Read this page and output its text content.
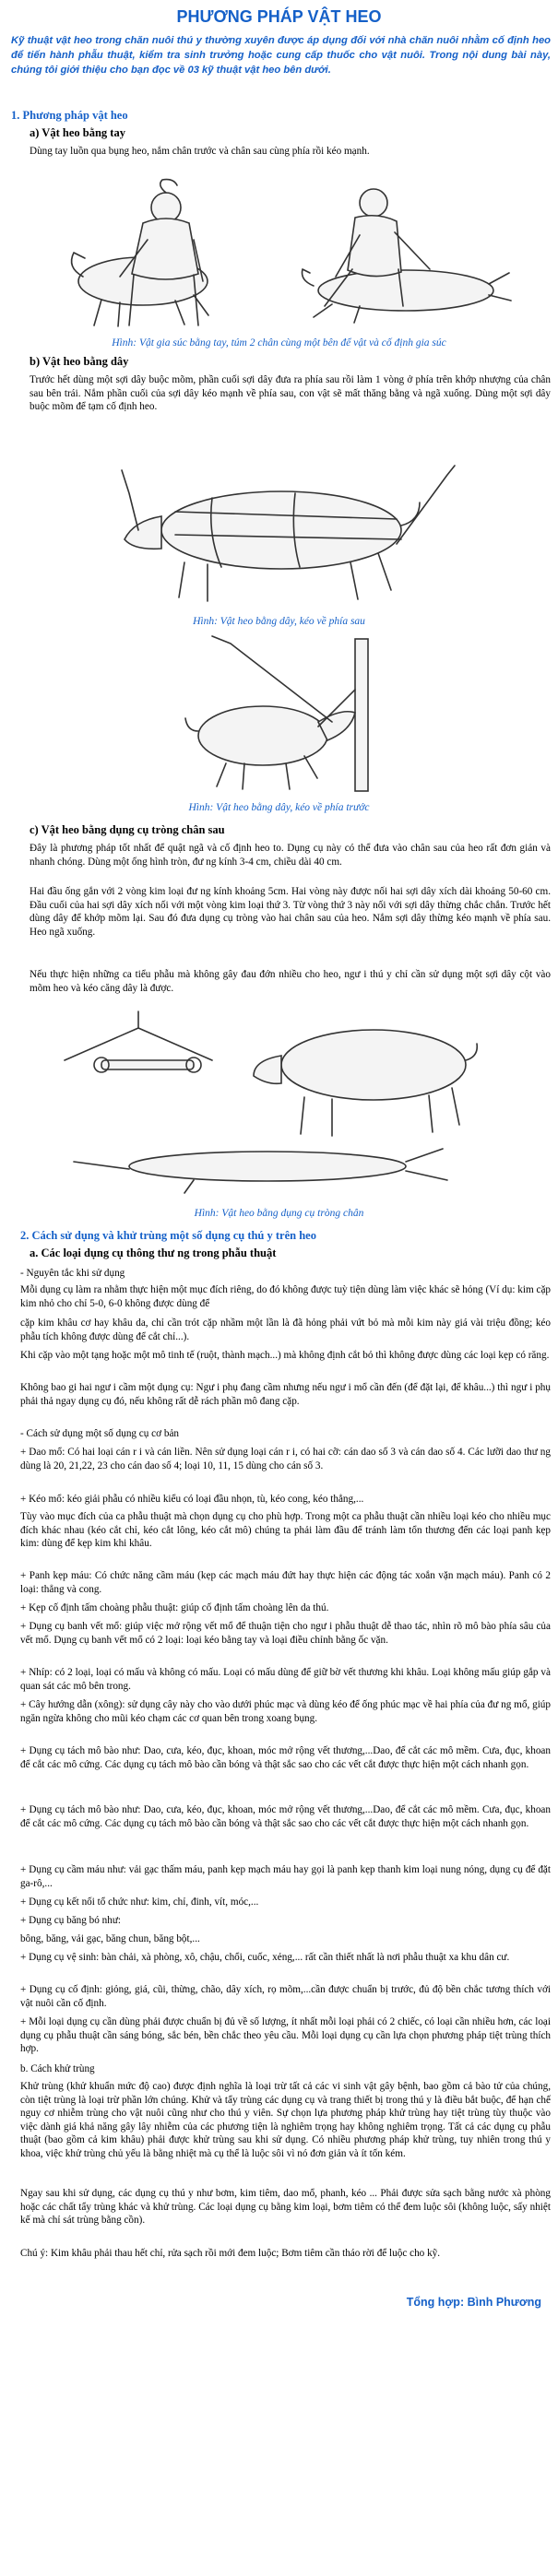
PHƯƠNG PHÁP VẬT HEO
Kỹ thuật vật heo trong chăn nuôi thú y thường xuyên được áp dụng đối với nhà chăn nuôi nhằm cố định heo để tiến hành phẫu thuật, kiểm tra sinh trưởng hoặc cung cấp thuốc cho vật nuôi. Trong nội dung bài này, chúng tôi giới thiệu cho bạn đọc về 03 kỹ thuật vật heo bên dưới.
1. Phương pháp vật heo
a) Vật heo bằng tay

Dùng tay luồn qua bụng heo, nắm chân trước và chân sau cùng phía rồi kéo mạnh.

Hình: Vật gia súc bằng tay, túm 2 chân cùng một bên để vật và cố định gia súc
b) Vật heo bằng dây

Trước hết dùng một sợi dây buộc mõm, phần cuối sợi dây đưa ra phía sau rồi làm 1 vòng ở phía trên khớp nhượng của chân sau bên trái. Nắm phần cuối của sợi dây kéo mạnh về phía sau, con vật sẽ mất thăng bằng và ngã xuống. Dùng một sợi dây buộc mõm để tạm cố định heo.

Hình: Vật heo bằng dây, kéo về phía sau
Hình: Vật heo bằng dây, kéo về phía trước
c) Vật heo bằng dụng cụ tròng chân sau

Đây là phương pháp tốt nhất để quật ngã và cố định heo to. Dụng cụ này có thể đưa vào chân sau của heo rất đơn giản và nhanh chóng. Dùng một ống hình tròn, đư ng kính 3-4 cm, chiều dài 40 cm.

Hai đầu ống gắn với 2 vòng kim loại đư ng kính khoảng 5cm. Hai vòng này được nối hai sợi dây xích dài khoảng 50-60 cm. Đầu cuối của hai sợi dây xích nối với một vòng kim loại thứ 3. Từ vòng thứ 3 này nối với sợi dây thừng chắc chắn. Trước hết dùng dây để khớp mõm lại. Sau đó đưa dụng cụ tròng vào hai chân sau của heo. Nắm sợi dây thừng kéo mạnh về phía sau. Heo ngã xuống.

Nếu thực hiện những ca tiểu phẫu mà không gây đau đớn nhiều cho heo, ngư i thú y chỉ cần sử dụng một sợi dây cột vào mõm heo và kéo căng dây là được.

Hình: Vật heo bằng dụng cụ tròng chân
2. Cách sử dụng và khử trùng một số dụng cụ thú y trên heo
a. Các loại dụng cụ thông thư ng trong phẫu thuật

- Nguyên tắc khi sử dụng

Mỗi dụng cụ làm ra nhằm thực hiện một mục đích riêng, do đó không được tuỳ tiện dùng làm việc khác sẽ hỏng (Ví dụ: kim cặp kim nhỏ cho chỉ 5-0, 6-0 không được dùng để

cặp kim khâu cơ hay khâu da, chỉ cần trót cặp nhầm một lần là đã hỏng phải vứt bỏ mà mỗi kim này giá vài triệu đồng; kéo phẫu tích không được dùng để cắt chỉ...).

Khi cặp vào một tạng hoặc một mô tinh tế (ruột, thành mạch...) mà không định cắt bỏ thì không được dùng các loại kẹp có răng.

Không bao gi hai ngư i cầm một dụng cụ: Ngư i phụ đang cầm nhưng nếu ngư i mổ cần đến (để đặt lại, để khâu...) thì ngư i phụ phải thả ngay dụng cụ đó, nếu không rất dễ rách phần mô đang cặp.

- Cách sử dụng một số dụng cụ cơ bản

+ Dao mổ: Có hai loại cán r i và cán liền. Nên sử dụng loại cán r i, có hai cỡ: cán dao số 3 và cán dao số 4. Các lưỡi dao thư ng dùng là 20, 21,22, 23 cho cán dao số 4; loại 10, 11, 15 dùng cho cán số 3.

+ Kéo mổ: kéo giải phẫu có nhiều kiểu có loại đầu nhọn, tù, kéo cong, kéo thẳng,...

Tùy vào mục đích của ca phẫu thuật mà chọn dụng cụ cho phù hợp. Trong một ca phẫu thuật cần nhiều loại kéo cho nhiều mục đích khác nhau (kéo cắt chỉ, kéo cắt lông, kéo cắt mô) chúng ta phải làm đầu để tránh làm tổn thương đến các loại panh kẹp kim: dùng để kẹp kim khi khâu.

+ Panh kẹp máu: Có chức năng cầm máu (kẹp các mạch máu đứt hay thực hiện các động tác xoắn vặn mạch máu). Panh có 2 loại: thẳng và cong.

+ Kẹp cố định tấm choàng phẫu thuật: giúp cố định tấm choàng lên da thú.

+ Dụng cụ banh vết mổ: giúp việc mở rộng vết mổ để thuận tiện cho ngư i phẫu thuật dễ thao tác, nhìn rõ mô bào phía sâu của vết mổ. Dụng cụ banh vết mổ có 2 loại: loại kéo bằng tay và loại điều chỉnh bằng ốc vặn.

+ Nhíp: có 2 loại, loại có mấu và không có mấu. Loại có mấu dùng để giữ bờ vết thương khi khâu. Loại không mấu giúp gắp và quan sát các mô bên trong.

+ Cây hướng dẫn (xông): sử dụng cây này cho vào dưới phúc mạc và dùng kéo để ống phúc mạc về hai phía của đư ng mổ, giúp ngăn ngừa không cho mũi kéo chạm các cơ quan bên trong xoang bụng.

+ Dụng cụ tách mô bào như: Dao, cưa, kéo, đục, khoan, móc mở rộng vết thương,...Dao, để cắt các mô mềm. Cưa, đục, khoan để cắt các mô cứng. Các dụng cụ tách mô bào cần bóng và thật sắc sao cho các vết cắt được thực hiện một cách nhanh gọn.

+ Dụng cụ tách mô bào như: Dao, cưa, kéo, đục, khoan, móc mở rộng vết thương,...Dao, để cắt các mô mềm. Cưa, đục, khoan để cắt các mô cứng. Các dụng cụ tách mô bào cần bóng và thật sắc sao cho các vết cắt được thực hiện một cách nhanh gọn.

+ Dụng cụ cầm máu như: vải gạc thấm máu, panh kẹp mạch máu hay gọi là panh kẹp thanh kim loại nung nóng, dụng cụ để đặt ga-rô,...

+ Dụng cụ kết nối tổ chức như: kim, chỉ, đinh, vít, móc,...

+ Dụng cụ băng bó như:

bông, băng, vải gạc, băng chun, băng bột,...

+ Dụng cụ vệ sinh: bàn chải, xà phòng, xô, chậu, chổi, cuốc, xẻng,... rất cần thiết nhất là nơi phẫu thuật xa khu dân cư.

+ Dụng cụ cố định: giỏng, giá, cũi, thừng, chão, dây xích, rọ mõm,...cần được chuẩn bị trước, đủ độ bền chắc tương thích với vật nuôi cần cố định.

+ Mỗi loại dụng cụ cần dùng phải được chuẩn bị đủ về số lượng, ít nhất mỗi loại phải có 2 chiếc, có loại cần nhiều hơn, các loại dụng cụ phẫu thuật cần sáng bóng, sắc bén, bền chắc theo yêu cầu. Mỗi loại dụng cụ cần lựa chọn phương pháp tiệt trùng thích hợp.

b. Cách khử trùng

Khử trùng (khử khuẩn mức độ cao) được định nghĩa là loại trừ tất cả các vi sinh vật gây bệnh, bao gồm cả bào tử của chúng, còn tiệt trùng là loại trừ phần lớn chúng. Khử và tẩy trùng các dụng cụ và trang thiết bị trong thú y là điều bắt buộc, để hạn chế nguy cơ nhiễm trùng cho vật nuôi cũng như cho thú y viên. Sự chọn lựa phương pháp khử trùng hay tiệt trùng tùy thuộc vào việc dành giá khả năng gây lây nhiễm của các phương tiện là nghiêm trọng hay không nghiêm trọng. Tất cả các dụng cụ phẫu thuật (bao gồm cả kim khâu) phải được khử trùng sau khi sử dụng. Có nhiều phương pháp khử trùng, tuy nhiên trong thú y khoa, việc khử trùng chủ yếu là bằng nhiệt mà cụ thể là luộc sôi vì nó đơn giản và ít tốn kém.

Ngay sau khi sử dụng, các dụng cụ thú y như bơm, kim tiêm, dao mổ, phanh, kéo ... Phải được sửa sạch bằng nước xà phòng hoặc các chất tẩy trùng khác và khử trùng. Các loại dụng cụ bằng kim loại, bơm tiêm có thể đem luộc sôi (không luộc, sấy nhiệt kế mà chỉ sát trùng bằng cồn).

Chú ý: Kim khâu phải thau hết chỉ, rửa sạch rồi mới đem luộc; Bơm tiêm cần tháo rời để luộc cho kỹ.

Tổng hợp: Bình Phương
